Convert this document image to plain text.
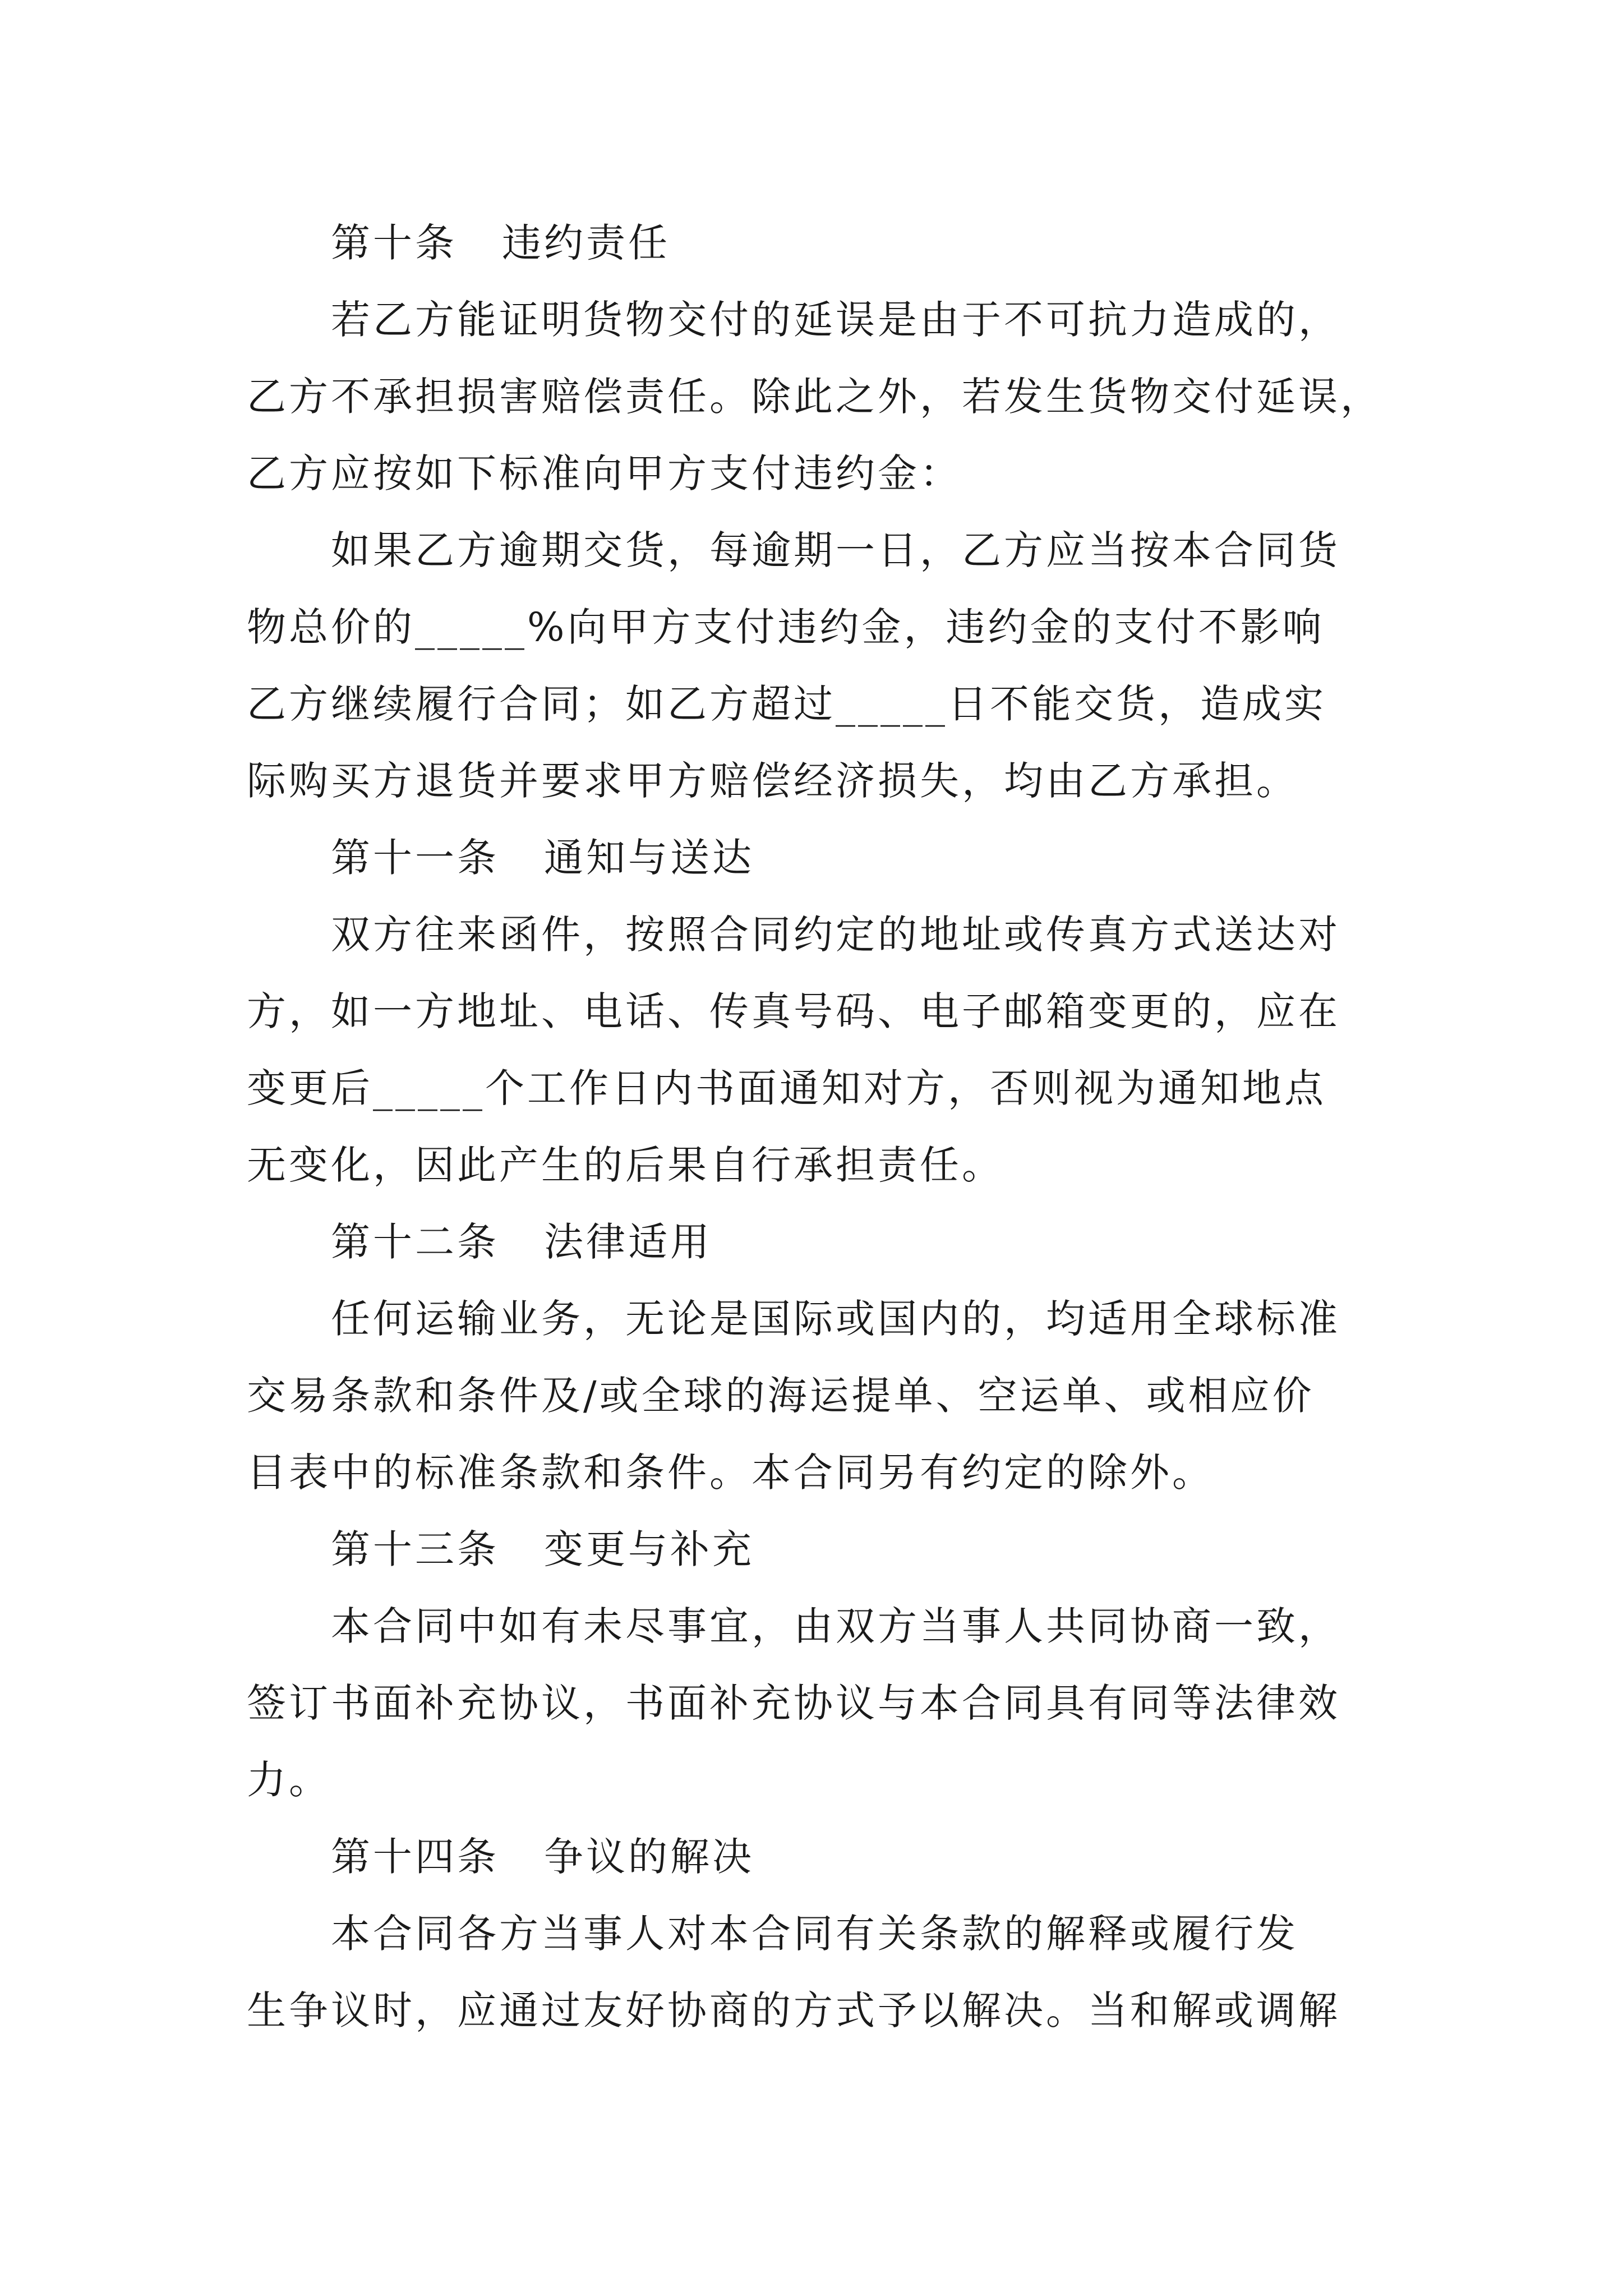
第十条 违约责任
若乙方能证明货物交付的延误是由于不可抗力造成的，
乙方不承担损害赔偿责任。除此之外，若发生货物交付延误，
乙方应按如下标准向甲方支付违约金：
如果乙方逾期交货，每逾期一日，乙方应当按本合同货
物总价的_____%向甲方支付违约金，违约金的支付不影响
乙方继续履行合同；如乙方超过_____日不能交货，造成实
际购买方退货并要求甲方赔偿经济损失，均由乙方承担。
第十一条 通知与送达
双方往来函件，按照合同约定的地址或传真方式送达对
方，如一方地址、电话、传真号码、电子邮箱变更的，应在
变更后_____个工作日内书面通知对方，否则视为通知地点
无变化，因此产生的后果自行承担责任。
第十二条 法律适用
任何运输业务，无论是国际或国内的，均适用全球标准
交易条款和条件及/或全球的海运提单、空运单、或相应价
目表中的标准条款和条件。本合同另有约定的除外。
第十三条 变更与补充
本合同中如有未尽事宜，由双方当事人共同协商一致，
签订书面补充协议，书面补充协议与本合同具有同等法律效
力。
第十四条 争议的解决
本合同各方当事人对本合同有关条款的解释或履行发
生争议时，应通过友好协商的方式予以解决。当和解或调解
